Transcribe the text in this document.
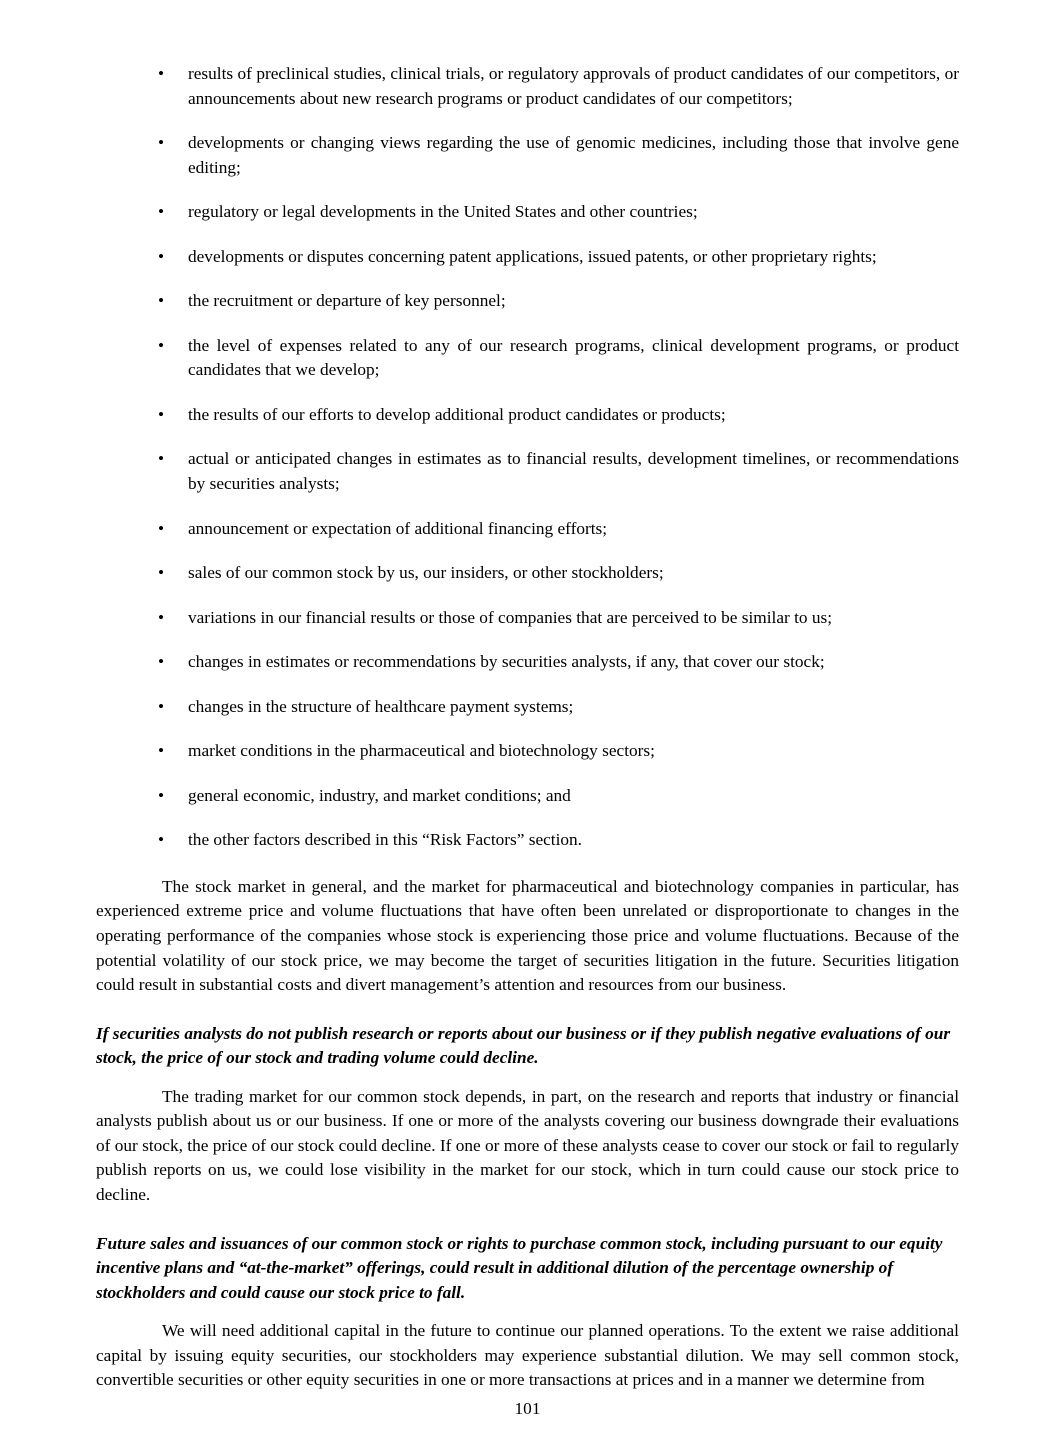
• results of preclinical studies, clinical trials, or regulatory approvals of product candidates of our competitors, or announcements about new research programs or product candidates of our competitors;
• developments or changing views regarding the use of genomic medicines, including those that involve gene editing;
• regulatory or legal developments in the United States and other countries;
• developments or disputes concerning patent applications, issued patents, or other proprietary rights;
• the recruitment or departure of key personnel;
• the level of expenses related to any of our research programs, clinical development programs, or product candidates that we develop;
• the results of our efforts to develop additional product candidates or products;
• actual or anticipated changes in estimates as to financial results, development timelines, or recommendations by securities analysts;
• announcement or expectation of additional financing efforts;
• sales of our common stock by us, our insiders, or other stockholders;
• variations in our financial results or those of companies that are perceived to be similar to us;
• changes in estimates or recommendations by securities analysts, if any, that cover our stock;
• changes in the structure of healthcare payment systems;
• market conditions in the pharmaceutical and biotechnology sectors;
• general economic, industry, and market conditions; and
• the other factors described in this “Risk Factors” section.

The stock market in general, and the market for pharmaceutical and biotechnology companies in particular, has experienced extreme price and volume fluctuations that have often been unrelated or disproportionate to changes in the operating performance of the companies whose stock is experiencing those price and volume fluctuations. Because of the potential volatility of our stock price, we may become the target of securities litigation in the future. Securities litigation could result in substantial costs and divert management’s attention and resources from our business.

If securities analysts do not publish research or reports about our business or if they publish negative evaluations of our stock, the price of our stock and trading volume could decline.

The trading market for our common stock depends, in part, on the research and reports that industry or financial analysts publish about us or our business. If one or more of the analysts covering our business downgrade their evaluations of our stock, the price of our stock could decline. If one or more of these analysts cease to cover our stock or fail to regularly publish reports on us, we could lose visibility in the market for our stock, which in turn could cause our stock price to decline.

Future sales and issuances of our common stock or rights to purchase common stock, including pursuant to our equity incentive plans and “at-the-market” offerings, could result in additional dilution of the percentage ownership of stockholders and could cause our stock price to fall.

We will need additional capital in the future to continue our planned operations. To the extent we raise additional capital by issuing equity securities, our stockholders may experience substantial dilution. We may sell common stock, convertible securities or other equity securities in one or more transactions at prices and in a manner we determine from

101
